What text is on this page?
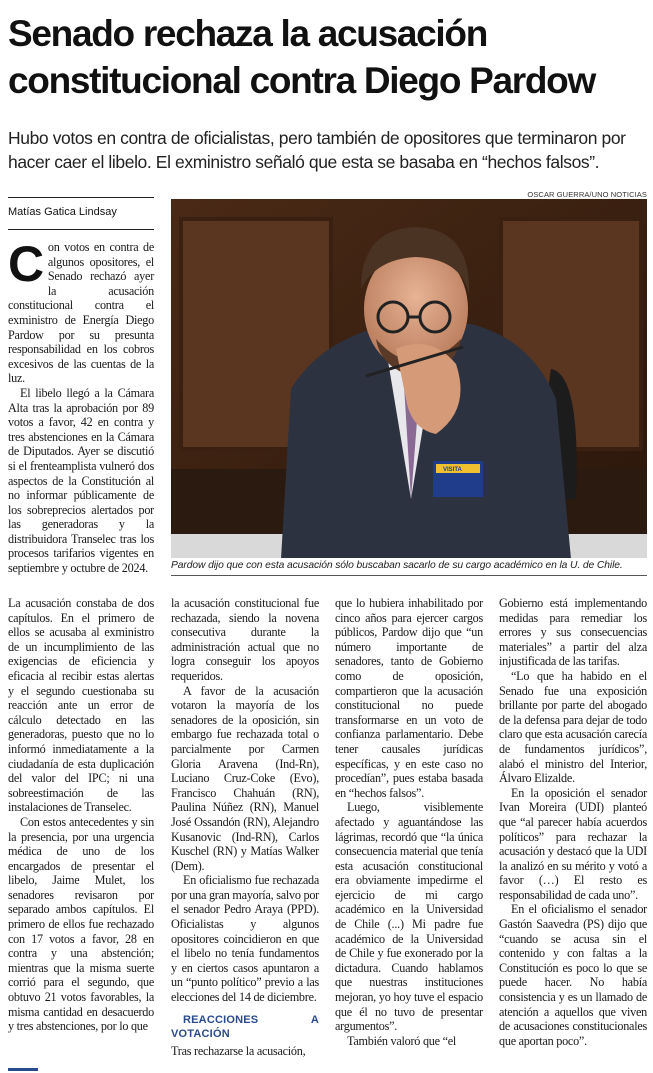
Senado rechaza la acusación constitucional contra Diego Pardow

Hubo votos en contra de oficialistas, pero también de opositores que terminaron por hacer caer el libelo. El exministro señaló que esta se basaba en “hechos falsos”.

Matías Gatica Lindsay
OSCAR GUERRA/UNO NOTICIAS
VISITA
Pardow dijo que con esta acusación sólo buscaban sacarlo de su cargo académico en la U. de Chile.

Con votos en contra de algunos opositores, el Senado rechazó ayer la acusación constitucional contra el exministro de Energía Diego Pardow por su presunta responsabilidad en los cobros excesivos de las cuentas de la luz.

El libelo llegó a la Cámara Alta tras la aprobación por 89 votos a favor, 42 en contra y tres abstenciones en la Cámara de Diputados. Ayer se discutió si el frenteamplista vulneró dos aspectos de la Constitución al no informar públicamente de los sobreprecios alertados por las generadoras y la distribuidora Transelec tras los procesos tarifarios vigentes en septiembre y octubre de 2024.

La acusación constaba de dos capítulos. En el primero de ellos se acusaba al exministro de un incumplimiento de las exigencias de eficiencia y eficacia al recibir estas alertas y el segundo cuestionaba su reacción ante un error de cálculo detectado en las generadoras, puesto que no lo informó inmediatamente a la ciudadanía de esta duplicación del valor del IPC; ni una sobreestimación de las instalaciones de Transelec.

Con estos antecedentes y sin la presencia, por una urgencia médica de uno de los encargados de presentar el libelo, Jaime Mulet, los senadores revisaron por separado ambos capítulos. El primero de ellos fue rechazado con 17 votos a favor, 28 en contra y una abstención; mientras que la misma suerte corrió para el segundo, que obtuvo 21 votos favorables, la misma cantidad en desacuerdo y tres abstenciones, por lo que

la acusación constitucional fue rechazada, siendo la novena consecutiva durante la administración actual que no logra conseguir los apoyos requeridos.

A favor de la acusación votaron la mayoría de los senadores de la oposición, sin embargo fue rechazada total o parcialmente por Carmen Gloria Aravena (Ind-Rn), Luciano Cruz-Coke (Evo), Francisco Chahuán (RN), Paulina Núñez (RN), Manuel José Ossandón (RN), Alejandro Kusanovic (Ind-RN), Carlos Kuschel (RN) y Matías Walker (Dem).

En oficialismo fue rechazada por una gran mayoría, salvo por el senador Pedro Araya (PPD). Oficialistas y algunos opositores coincidieron en que el libelo no tenía fundamentos y en ciertos casos apuntaron a un “punto político” previo a las elecciones del 14 de diciembre.

REACCIONES A VOTACIÓN

Tras rechazarse la acusación,

que lo hubiera inhabilitado por cinco años para ejercer cargos públicos, Pardow dijo que “un número importante de senadores, tanto de Gobierno como de oposición, compartieron que la acusación constitucional no puede transformarse en un voto de confianza parlamentario. Debe tener causales jurídicas específicas, y en este caso no procedían”, pues estaba basada en “hechos falsos”.

Luego, visiblemente afectado y aguantándose las lágrimas, recordó que “la única consecuencia material que tenía esta acusación constitucional era obviamente impedirme el ejercicio de mi cargo académico en la Universidad de Chile (...) Mi padre fue académico de la Universidad de Chile y fue exonerado por la dictadura. Cuando hablamos que nuestras instituciones mejoran, yo hoy tuve el espacio que él no tuvo de presentar argumentos”.

También valoró que “el

Gobierno está implementando medidas para remediar los errores y sus consecuencias materiales” a partir del alza injustificada de las tarifas.

“Lo que ha habido en el Senado fue una exposición brillante por parte del abogado de la defensa para dejar de todo claro que esta acusación carecía de fundamentos jurídicos”, alabó el ministro del Interior, Álvaro Elizalde.

En la oposición el senador Ivan Moreira (UDI) planteó que “al parecer había acuerdos políticos” para rechazar la acusación y destacó que la UDI la analizó en su mérito y votó a favor (…) El resto es responsabilidad de cada uno”.

En el oficialismo el senador Gastón Saavedra (PS) dijo que “cuando se acusa sin el contenido y con faltas a la Constitución es poco lo que se puede hacer. No había consistencia y es un llamado de atención a aquellos que viven de acusaciones constitucionales que aportan poco”.
